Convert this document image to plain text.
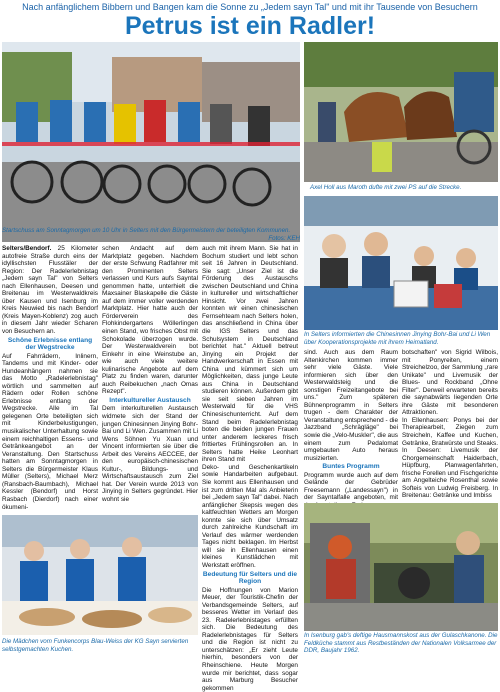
Nach anfänglichem Bibbern und Bangen kam die Sonne zu „Jedem sayn Tal" und mit ihr Tausende von Besuchern
Petrus ist ein Radler!
Startschuss am Sonntagmorgen um 10 Uhr in Selters mit den Bürgermeistern der beteiligten Kommunen.
Fotos: KEH
Axel Holl aus Maroth dufte mit zwei PS auf die Strecke.
In Selters informierten die Chinesinnen Jinying Bohr-Bai und Li Wen über Kooperationsprojekte mit ihrem Heimatland.

Selters/Bendorf. 25 Kilometer autofreie Straße durch eins der idyllischsten Flusstäler der Region: Der Radelerlebnistag „Jedem sayn Tal" von Selters nach Ellenhausen, Deesen und Breitenau im Westerwaldkreis über Kausen und Isenburg im Kreis Neuwied bis nach Bendorf (Kreis Mayen-Koblenz) zog auch in diesem Jahr wieder Scharen von Besuchern an.

Schöne Erlebnisse entlang der Wegstrecke

Auf Fahrrädern, Inlinern, Tandems und mit Kinder- oder Hundeanhängern nahmen sie das Motto „Radelerlebnistag" wörtlich und sammelten auf Rädern oder Rollen schöne Erlebnisse entlang der Wegstrecke. Alle im Tal gelegenen Orte beteiligten sich mit Kinderbelustigungen, musikalischer Unterhaltung sowie einem reichhaltigen Essens- und Getränkeangebot an der Veranstaltung. Den Startschuss hatten am Sonntagmorgen in Selters die Bürgermeister Klaus Müller (Selters), Michael Merz (Ransbach-Baumbach), Michael Kessler (Bendorf) und Horst Rasbach (Dierdorf) nach einer ökumeni-

schen Andacht auf dem Marktplatz gegeben. Nachdem der erste Schwung Radfahrer mit den Prominenten Selters verlassen und Kurs aufs Sayntal genommen hatte, unterhielt die Maxsainer Blaskapelle die Gäste auf dem immer voller werdenden Marktplatz. Hier hatte auch der Förderverein des Flohkindergartens Wöllerlingen einen Stand, wo frisches Obst mit Schokolade überzogen wurde. Der Westerwaldverein bot Einkehr in eine Weinstube an, wie auch viele weitere kulinarische Angebote auf dem Platz zu finden waren, darunter auch Reibekuchen „nach Omas Rezept".

Interkultureller Austausch

Dem interkulturellen Austausch widmete sich der Stand der jungen Chinesinnen Jinying Bohr-Bai und Li Wen. Zusammen mit Li Wens Söhnen Yu Xuan und Vincent informierten sie über die Arbeit des Vereins AECCEE, der den europäisch-chinesischen Kultur-, Bildungs- und Wirtschaftsaustausch zum Ziel hat. Der Verein wurde 2013 von Jinying in Selters gegründet. Hier wohnt sie

auch mit ihrem Mann. Sie hat in Bochum studiert und lebt schon seit 16 Jahren in Deutschland. Sie sagt: „Unser Ziel ist die Förderung des Austauschs zwischen Deutschland und China in kultureller und wirtschaftlicher Hinsicht. Vor zwei Jahren konnten wir einen chinesischen Fernsehteam nach Selters holen, das anschließend in China über die IGS Selters und das Schulsystem in Deutschland berichtet hat." Aktuell betreut Jinying ein Projekt der Handwerkerschaft in Essen mit China und kümmert sich um Möglichkeiten, dass junge Leute aus China in Deutschland studieren können. Außerdem gibt sie seit sieben Jahren im Westerwald für die VHS Chinesischunterricht. Auf dem Stand beim Radelerlebnistag boten die beiden jungen Frauen unter anderem leckeres frisch frittiertes Frühlingsrollen an. In Selters hatte Heike Leonhart ihren Stand mit

Deko- und Geschenkartikeln sowie Handarbeiten aufgebaut. Sie kommt aus Ellenhausen und ist zum dritten Mal als Anbieterin bei „Jedem sayn Tal" dabei. Nach anfänglicher Skepsis wegen des kaltfeuchten Wetters am Morgen konnte sie sich über Umsatz durch zahlreiche Kundschaft im Verlauf des wärmer werdenden Tages nicht beklagen. Im Herbst will sie in Ellenhausen einen kleines Kunstlädchen mit Werkstatt eröffnen.

Bedeutung für Selters und die Region

Die Hoffnungen von Marion Meuer, der Touristik-Chefin der Verbandsgemeinde Selters, auf besseres Wetter im Verlauf des 23. Radelerlebnistages erfüllten sich. Die Bedeutung des Radelerlebnistages für Selters und die Region ist nicht zu unterschätzen: „Er zieht Leute hierhin, besonders von der Rheinschiene. Heute Morgen wurde mir berichtet, dass sogar aus Marburg Besucher gekommen

sind. Auch aus dem Raum Altenkirchen kommen immer sehr viele Gäste. Viele informieren sich über den Westerwaldsteig und die sonstigen Freizeitangebote bei uns." Zum späteren Bühnenprogramm in Selters trugen - dem Charakter der Veranstaltung entsprechend - die Jazzband „Schrägläge" bei sowie die „Velo-Muskler", die aus einem zum Pedalomat umgebauten Auto heraus musizierten.

Buntes Programm

Programm wurde auch auf dem Gelände der Gebrüder Freesemann („Landessayn") in der Sayntalfalle angeboten, mit

botschaften" von Sigrid Wilbois, mit Ponyreiten, einem Streichelzoo, der Sammlung „rare Unikate" und Livemusik der Blues- und Rockband „Ohne Filter". Derweil erwarteten bereits die saynabwärts liegenden Orte ihre Gäste mit besonderen Attraktionen.

In Ellenhausen: Ponys bei der Therapiearbeit, Ziegen zum Streicheln, Kaffee und Kuchen, Getränke, Bratwürste und Steaks. In Deesen: Livemusik der Chorgemeinschaft Haiderbach, Hüpfburg, Planwagenfahrten, frische Forellen und Fischgerichte am Angelteiche Rosenthal sowie Softeis von Ludwig Freisberg. In Breitenau: Getränke und Imbiss

Die Mädchen vom Funkencorps Blau-Weiss der KG Sayn servierten selbstgemachten Kuchen.
In Isenburg gab's deftige Hausmannskost aus der Gulaschkanone. Die Feldküche stammt aus Restbeständen der Nationalen Volksarmee der DDR, Baujahr 1962.
